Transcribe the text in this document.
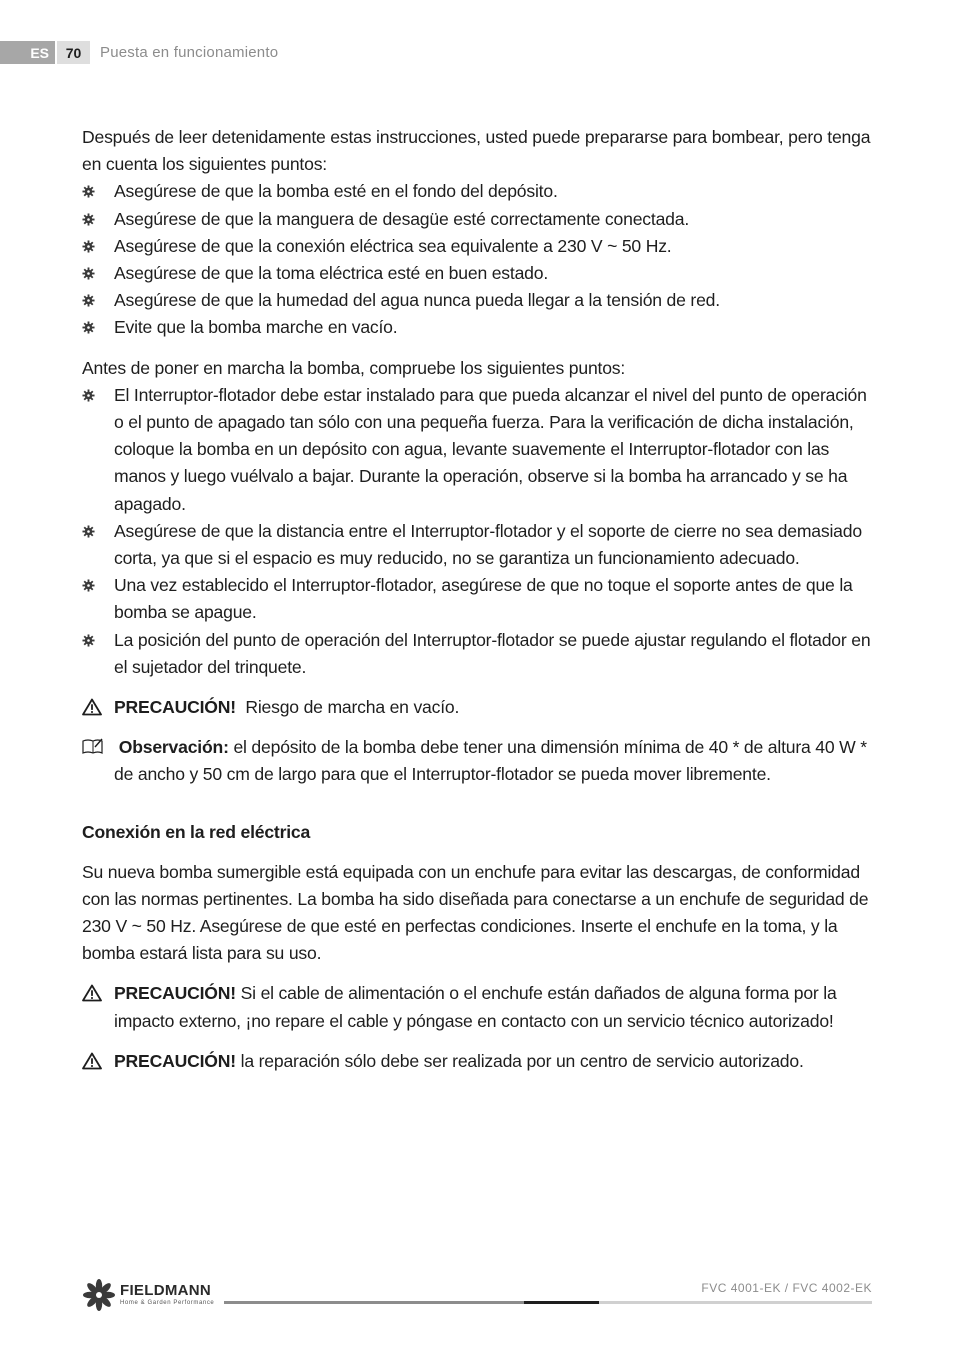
ES	70	Puesta en funcionamiento

Después de leer detenidamente estas instrucciones, usted puede prepararse para bombear, pero tenga en cuenta los siguientes puntos:

Asegúrese de que la bomba esté en el fondo del depósito.
Asegúrese de que la manguera de desagüe esté correctamente conectada.
Asegúrese de que la conexión eléctrica sea equivalente a 230 V ~ 50 Hz.
Asegúrese de que la toma eléctrica esté en buen estado.
Asegúrese de que la humedad del agua nunca pueda llegar a la tensión de red.
Evite que la bomba marche en vacío.

Antes de poner en marcha la bomba, compruebe los siguientes puntos:

El Interruptor-flotador debe estar instalado para que pueda alcanzar el nivel del punto de operación o el punto de apagado tan sólo con una pequeña fuerza. Para la verificación de dicha instalación, coloque la bomba en un depósito con agua, levante suavemente el Interruptor-flotador con las manos y luego vuélvalo a bajar. Durante la operación, observe si la bomba ha arrancado y se ha apagado.
Asegúrese de que la distancia entre el Interruptor-flotador y el soporte de cierre no sea demasiado corta, ya que si el espacio es muy reducido, no se garantiza un funcionamiento adecuado.
Una vez establecido el Interruptor-flotador, asegúrese de que no toque el soporte antes de que la bomba se apague.
La posición del punto de operación del Interruptor-flotador se puede ajustar regulando el flotador en el sujetador del trinquete.
PRECAUCIÓN! Riesgo de marcha en vacío.
Observación: el depósito de la bomba debe tener una dimensión mínima de 40 * de altura 40 W * de ancho y 50 cm de largo para que el Interruptor-flotador se pueda mover libremente.
Conexión en la red eléctrica

Su nueva bomba sumergible está equipada con un enchufe para evitar las descargas, de conformidad con las normas pertinentes. La bomba ha sido diseñada para conectarse a un enchufe de seguridad de 230 V ~ 50 Hz. Asegúrese de que esté en perfectas condiciones. Inserte el enchufe en la toma, y la bomba estará lista para su uso.

PRECAUCIÓN! Si el cable de alimentación o el enchufe están dañados de alguna forma por la impacto externo, ¡no repare el cable y póngase en contacto con un servicio técnico autorizado!
PRECAUCIÓN! la reparación sólo debe ser realizada por un centro de servicio autorizado.
FIELDMANN
Home & Garden Performance
FVC 4001-EK / FVC 4002-EK
